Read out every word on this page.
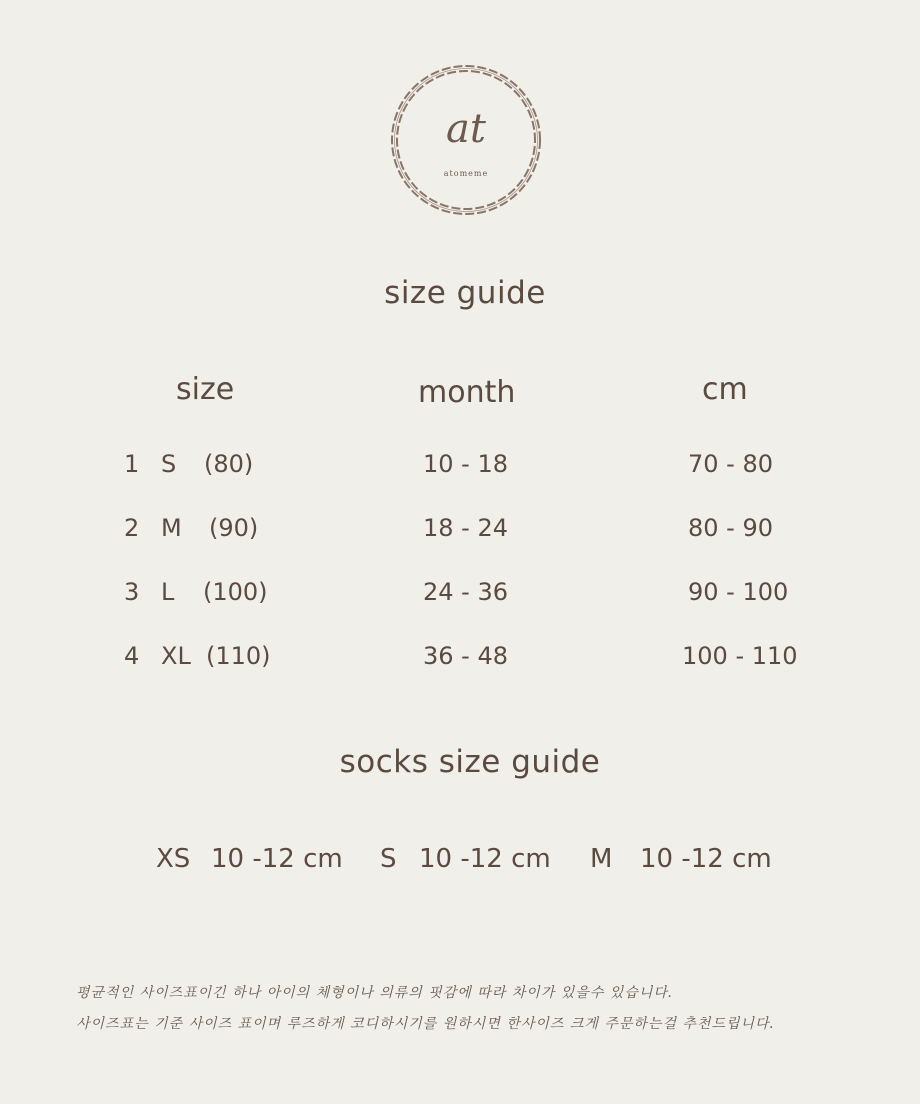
at
atomeme
size guide
size	month	cm
1 S (80)	10 - 18	70 - 80
2 M (90)	18 - 24	80 - 90
3 L (100)	24 - 36	90 - 100
4 XL (110)	36 - 48	100 - 110
socks size guide
XS 10 -12 cm S 10 -12 cm M 10 -12 cm
평균적인 사이즈표이긴 하나 아이의 체형이나 의류의 핏감에 따라 차이가 있을수 있습니다.
사이즈표는 기준 사이즈 표이며 루즈하게 코디하시기를 원하시면 한사이즈 크게 주문하는걸 추천드립니다.
